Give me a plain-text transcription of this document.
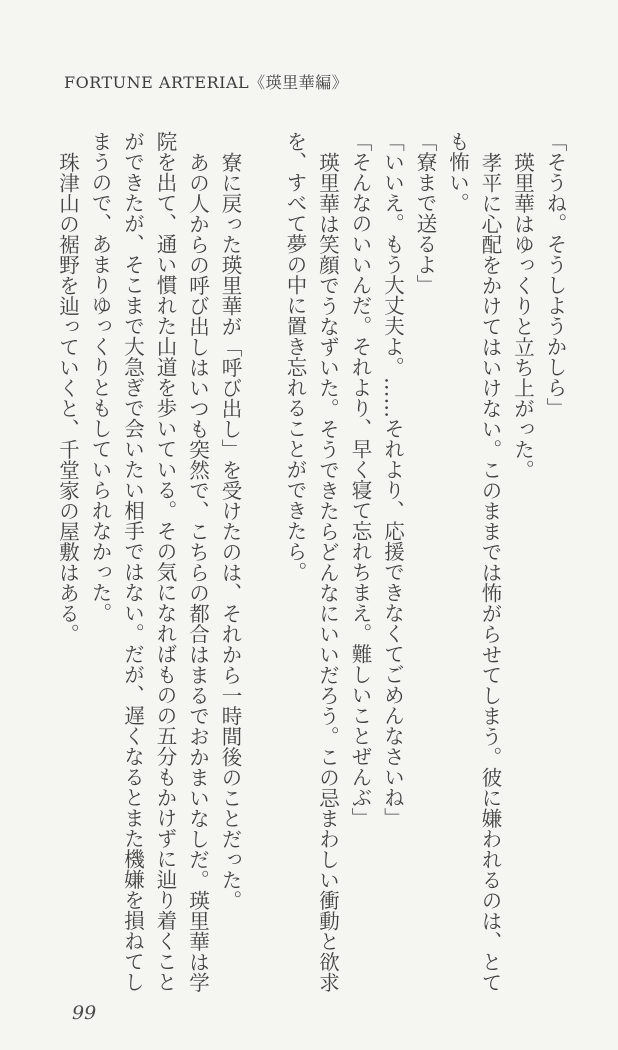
FORTUNE ARTERIAL《瑛里華編》

「そうね。そうしようかしら」

瑛里華はゆっくりと立ち上がった。

孝平に心配をかけてはいけない。このままでは怖がらせてしまう。彼に嫌われるのは、とても怖い。

「寮まで送るよ」

「いいえ。もう大丈夫よ。……それより、応援できなくてごめんなさいね」

「そんなのいいんだ。それより、早く寝て忘れちまえ。難しいことぜんぶ」

瑛里華は笑顔でうなずいた。そうできたらどんなにいいだろう。この忌まわしい衝動と欲求を、すべて夢の中に置き忘れることができたら。

寮に戻った瑛里華が「呼び出し」を受けたのは、それから一時間後のことだった。

あの人からの呼び出しはいつも突然で、こちらの都合はまるでおかまいなしだ。瑛里華は学院を出て、通い慣れた山道を歩いている。その気になればものの五分もかけずに辿り着くことができたが、そこまで大急ぎで会いたい相手ではない。だが、遅くなるとまた機嫌を損ねてしまうので、あまりゆっくりともしていられなかった。

珠津山の裾野を辿っていくと、千堂家の屋敷はある。

99
